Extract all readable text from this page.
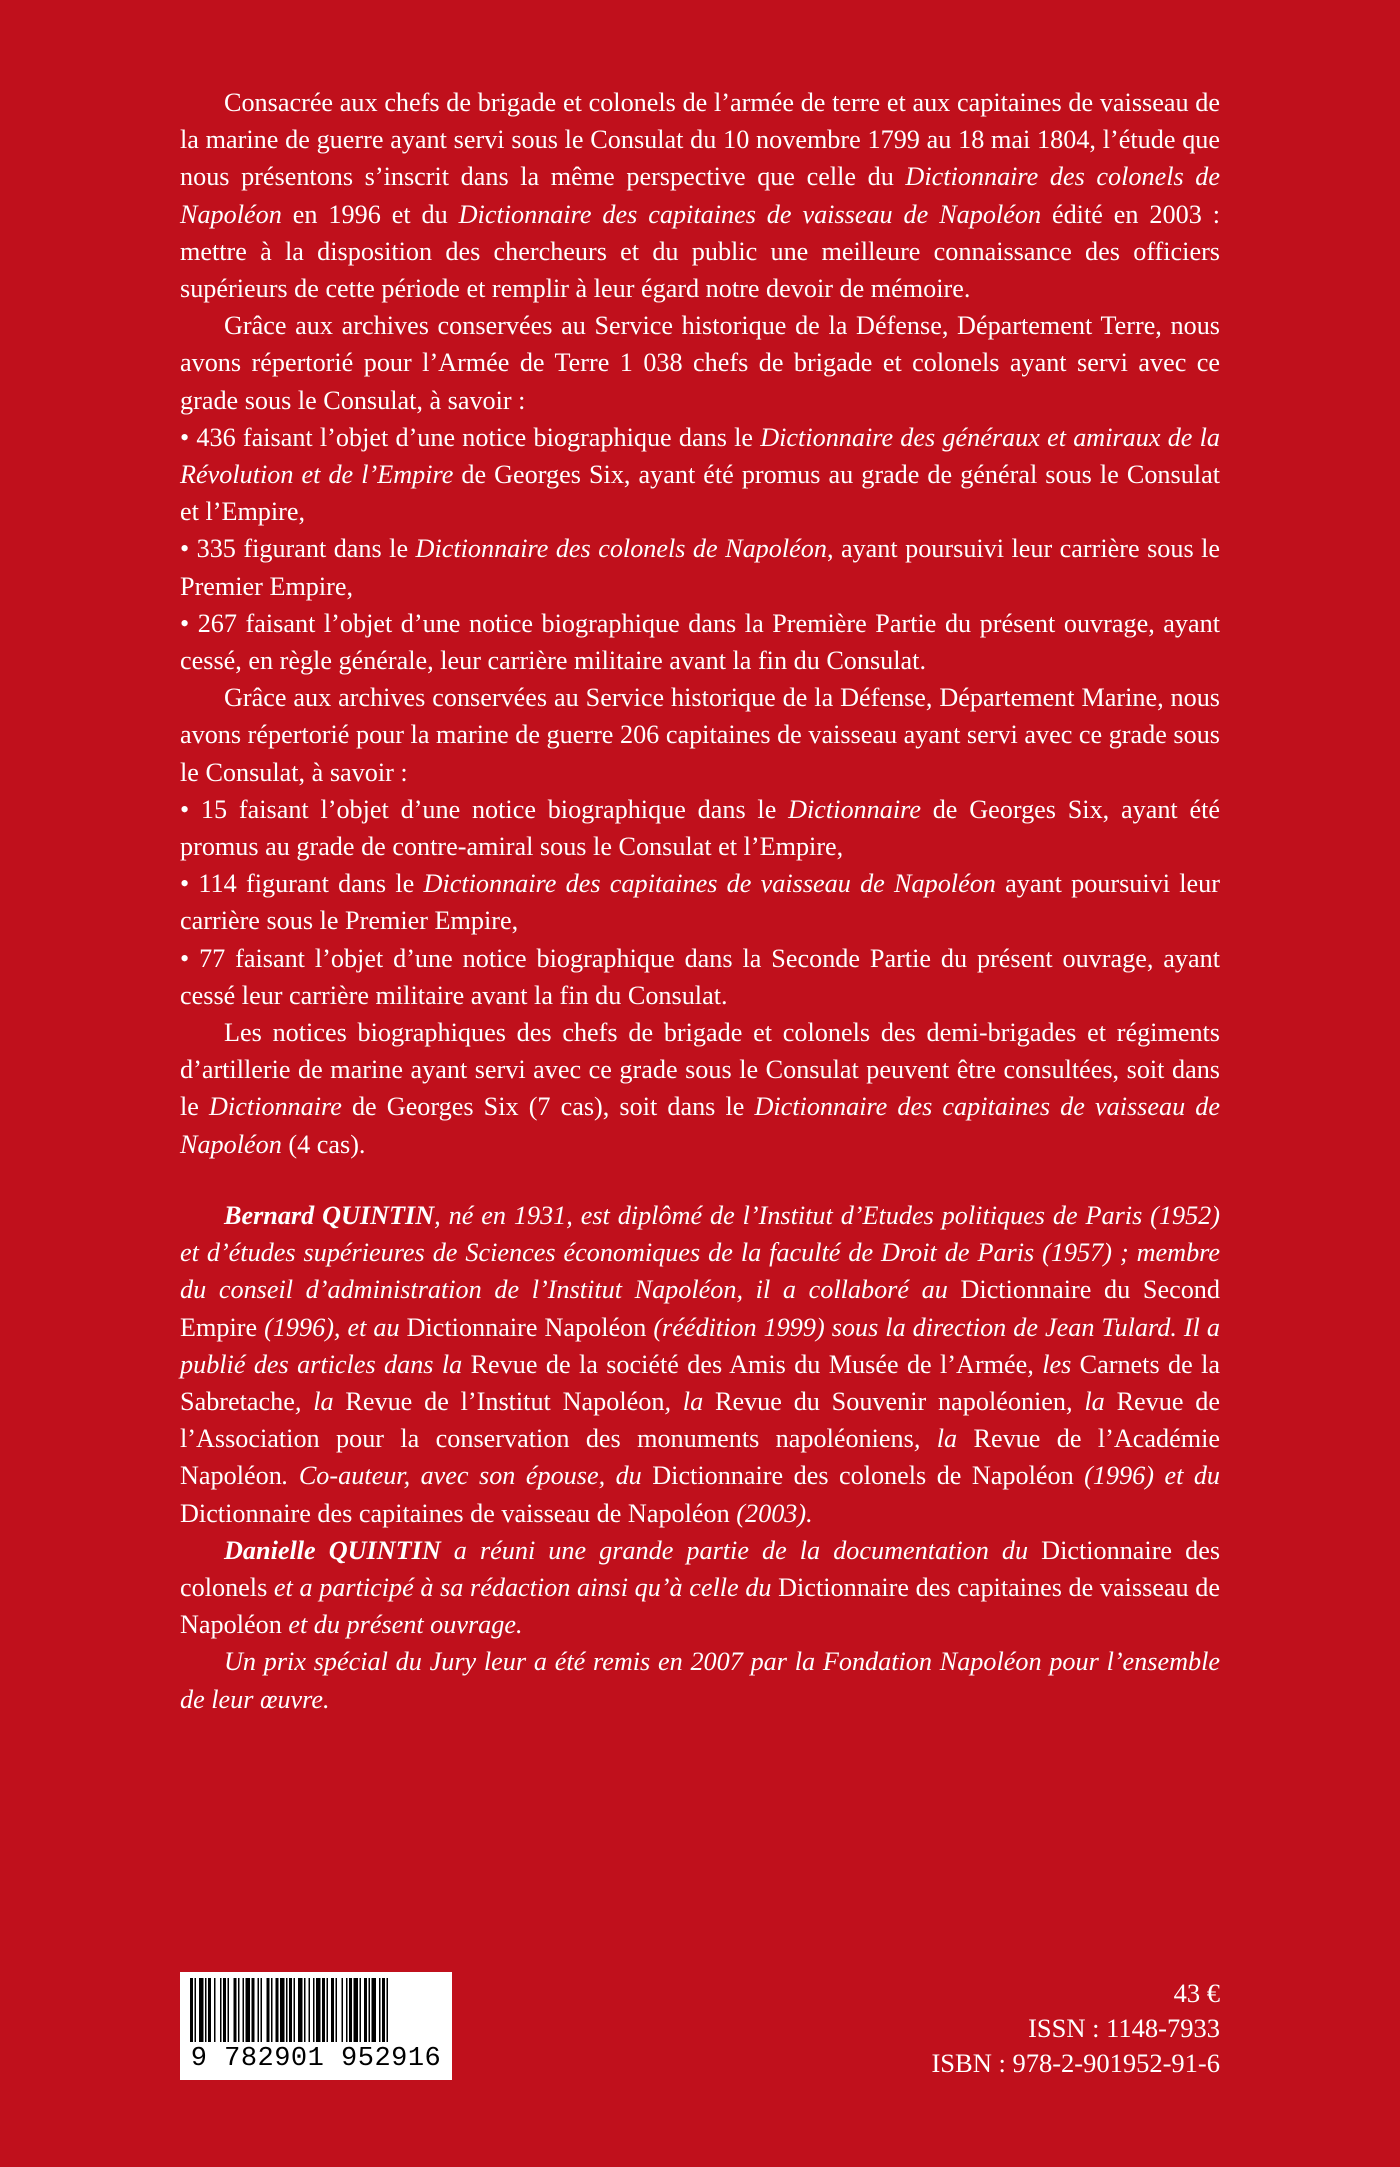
Consacrée aux chefs de brigade et colonels de l’armée de terre et aux capitaines de vaisseau de la marine de guerre ayant servi sous le Consulat du 10 novembre 1799 au 18 mai 1804, l’étude que nous présentons s’inscrit dans la même perspective que celle du Dictionnaire des colonels de Napoléon en 1996 et du Dictionnaire des capitaines de vaisseau de Napoléon édité en 2003 : mettre à la disposition des chercheurs et du public une meilleure connaissance des officiers supérieurs de cette période et remplir à leur égard notre devoir de mémoire.

Grâce aux archives conservées au Service historique de la Défense, Département Terre, nous avons répertorié pour l’Armée de Terre 1 038 chefs de brigade et colonels ayant servi avec ce grade sous le Consulat, à savoir :

• 436 faisant l’objet d’une notice biographique dans le Dictionnaire des généraux et amiraux de la Révolution et de l’Empire de Georges Six, ayant été promus au grade de général sous le Consulat et l’Empire,

• 335 figurant dans le Dictionnaire des colonels de Napoléon, ayant poursuivi leur carrière sous le Premier Empire,

• 267 faisant l’objet d’une notice biographique dans la Première Partie du présent ouvrage, ayant cessé, en règle générale, leur carrière militaire avant la fin du Consulat.

Grâce aux archives conservées au Service historique de la Défense, Département Marine, nous avons répertorié pour la marine de guerre 206 capitaines de vaisseau ayant servi avec ce grade sous le Consulat, à savoir :

• 15 faisant l’objet d’une notice biographique dans le Dictionnaire de Georges Six, ayant été promus au grade de contre-amiral sous le Consulat et l’Empire,

• 114 figurant dans le Dictionnaire des capitaines de vaisseau de Napoléon ayant poursuivi leur carrière sous le Premier Empire,

• 77 faisant l’objet d’une notice biographique dans la Seconde Partie du présent ouvrage, ayant cessé leur carrière militaire avant la fin du Consulat.

Les notices biographiques des chefs de brigade et colonels des demi-brigades et régiments d’artillerie de marine ayant servi avec ce grade sous le Consulat peuvent être consultées, soit dans le Dictionnaire de Georges Six (7 cas), soit dans le Dictionnaire des capitaines de vaisseau de Napoléon (4 cas).

Bernard QUINTIN, né en 1931, est diplômé de l’Institut d’Etudes politiques de Paris (1952) et d’études supérieures de Sciences économiques de la faculté de Droit de Paris (1957) ; membre du conseil d’administration de l’Institut Napoléon, il a collaboré au Dictionnaire du Second Empire (1996), et au Dictionnaire Napoléon (réédition 1999) sous la direction de Jean Tulard. Il a publié des articles dans la Revue de la société des Amis du Musée de l’Armée, les Carnets de la Sabretache, la Revue de l’Institut Napoléon, la Revue du Souvenir napoléonien, la Revue de l’Association pour la conservation des monuments napoléoniens, la Revue de l’Académie Napoléon. Co-auteur, avec son épouse, du Dictionnaire des colonels de Napoléon (1996) et du Dictionnaire des capitaines de vaisseau de Napoléon (2003).

Danielle QUINTIN a réuni une grande partie de la documentation du Dictionnaire des colonels et a participé à sa rédaction ainsi qu’à celle du Dictionnaire des capitaines de vaisseau de Napoléon et du présent ouvrage.

Un prix spécial du Jury leur a été remis en 2007 par la Fondation Napoléon pour l’ensemble de leur œuvre.

9 782901 952916
43 €
ISSN : 1148-7933
ISBN : 978-2-901952-91-6
